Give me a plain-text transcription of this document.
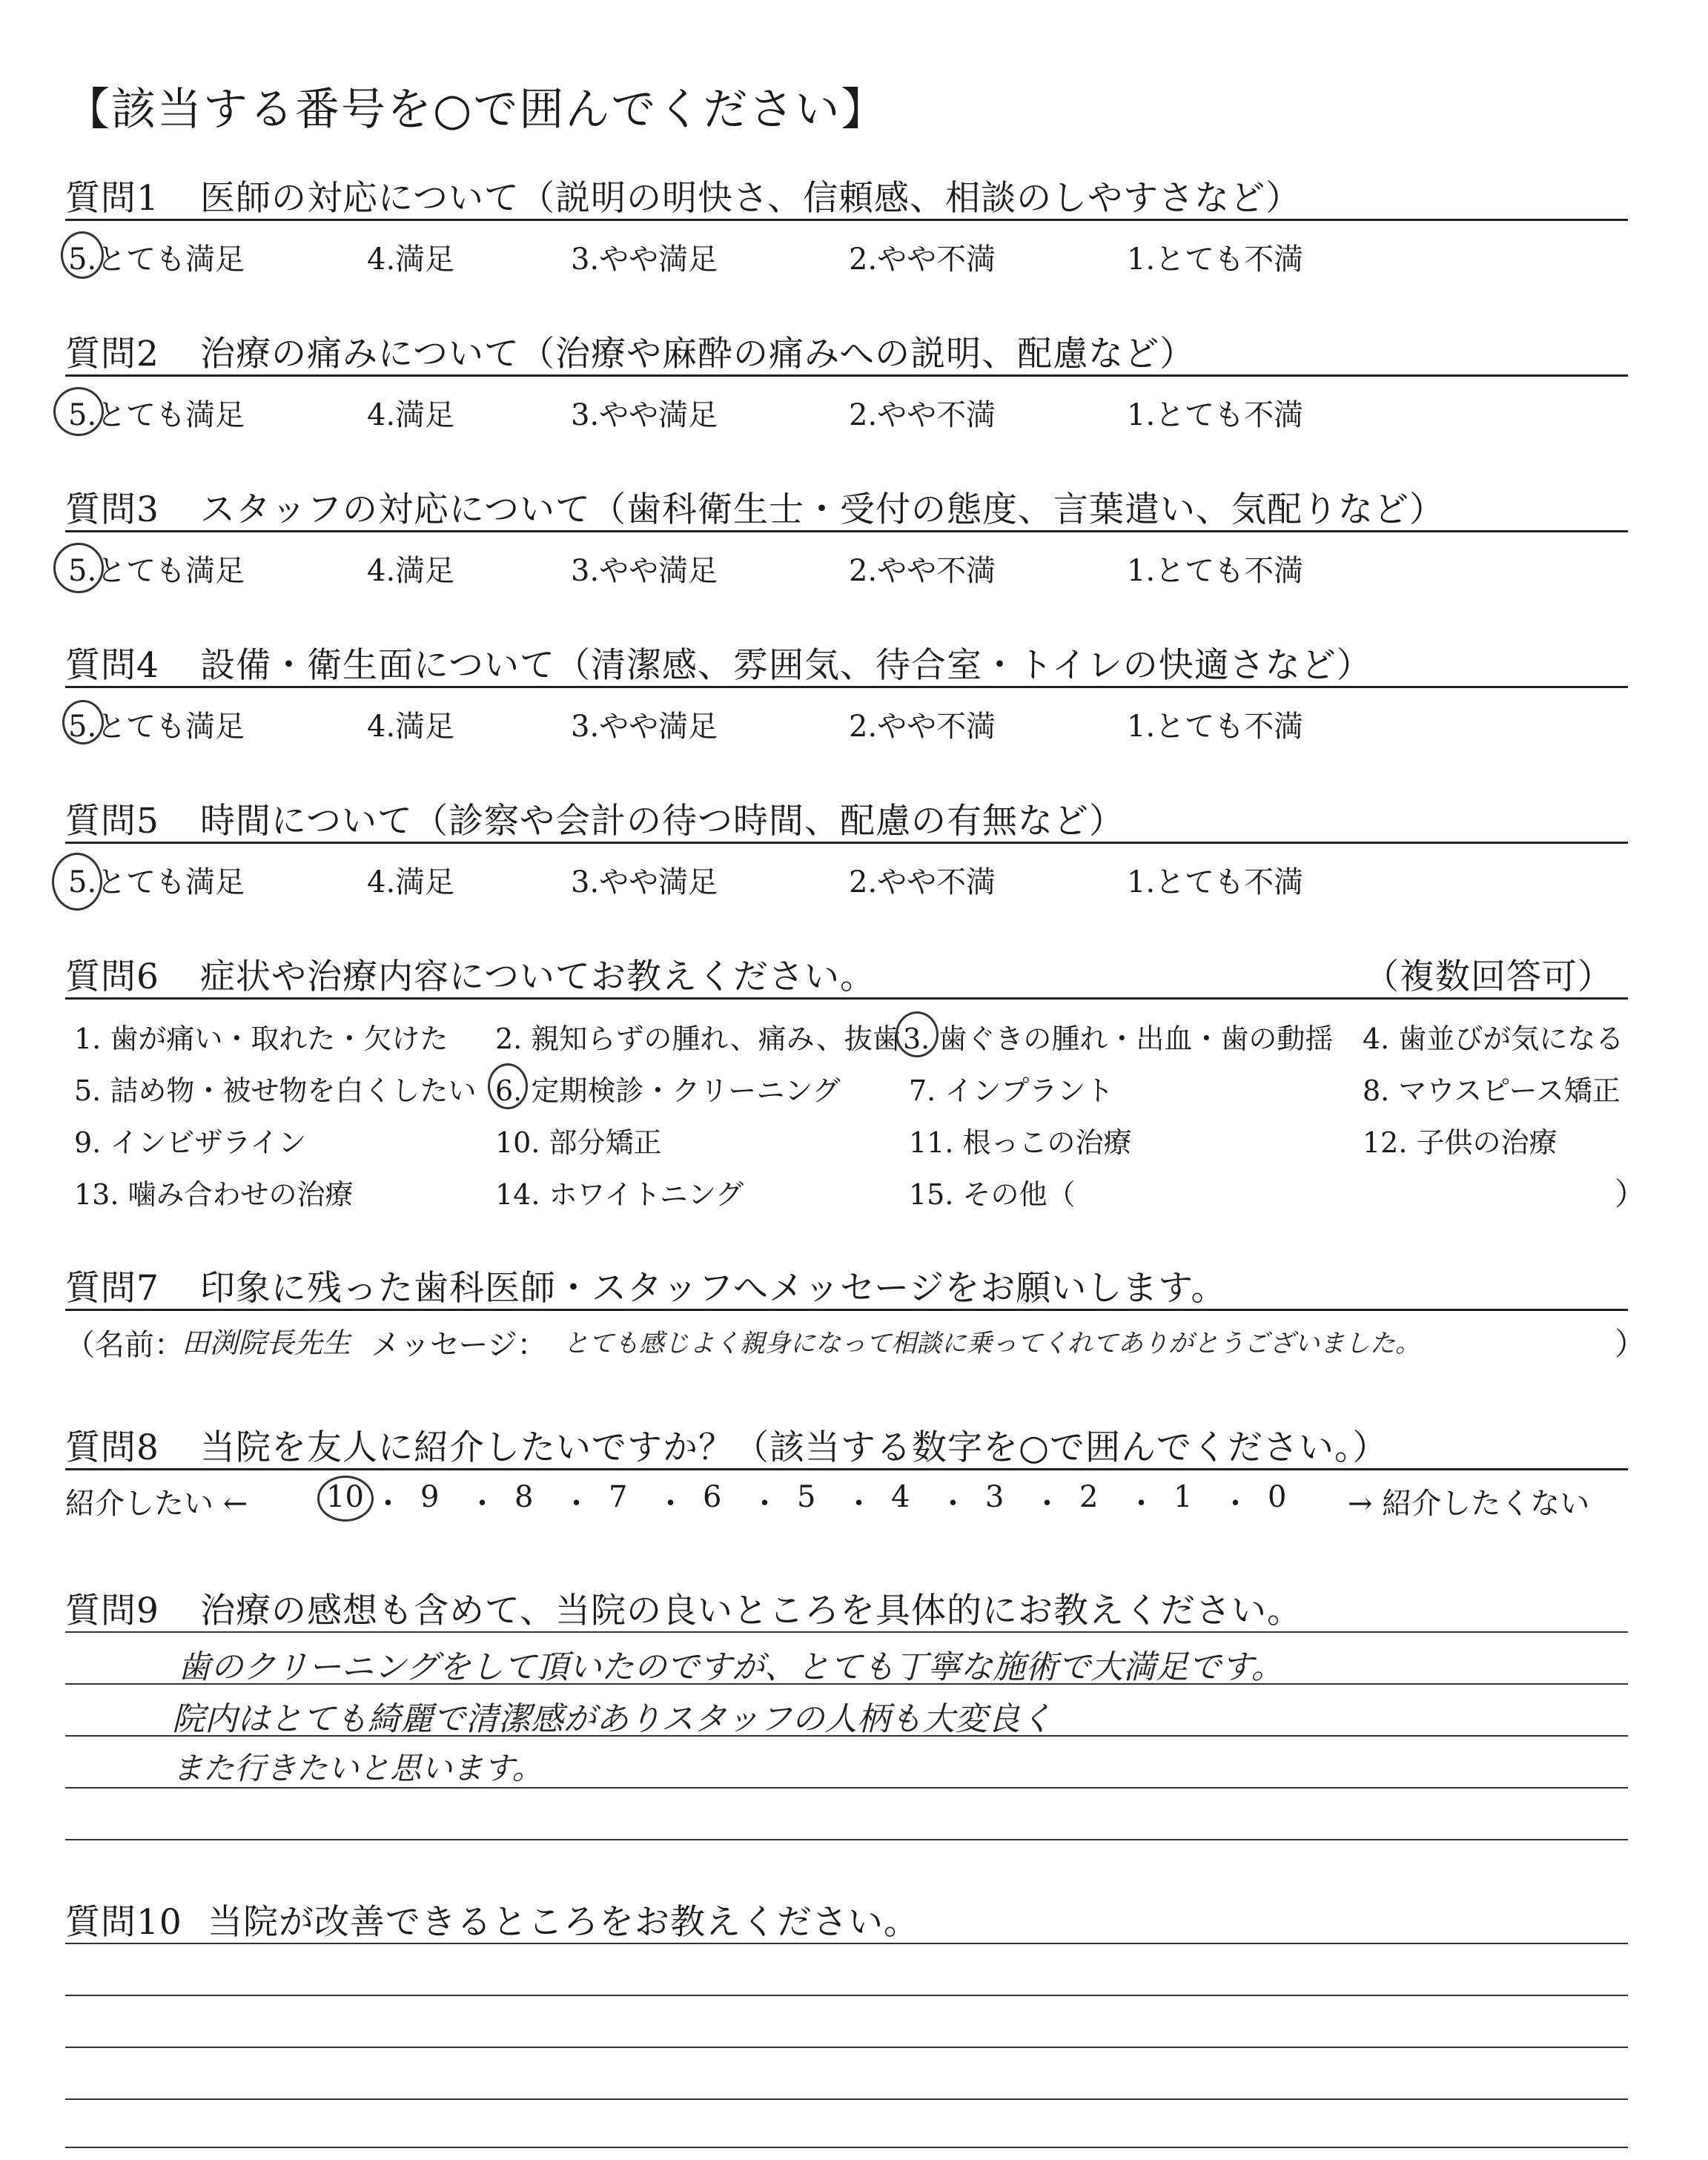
【該当する番号を○で囲んでください】
質問1 医師の対応について（説明の明快さ、信頼感、相談のしやすさなど）
5.とても満足	4.満足	3.やや満足	2.やや不満	1.とても不満
質問2 治療の痛みについて（治療や麻酔の痛みへの説明、配慮など）
5.とても満足	4.満足	3.やや満足	2.やや不満	1.とても不満
質問3 スタッフの対応について（歯科衛生士・受付の態度、言葉遣い、気配りなど）
5.とても満足	4.満足	3.やや満足	2.やや不満	1.とても不満
質問4 設備・衛生面について（清潔感、雰囲気、待合室・トイレの快適さなど）
5.とても満足	4.満足	3.やや満足	2.やや不満	1.とても不満
質問5 時間について（診察や会計の待つ時間、配慮の有無など）
5.とても満足	4.満足	3.やや満足	2.やや不満	1.とても不満
質問6 症状や治療内容についてお教えください。	（複数回答可）
1. 歯が痛い・取れた・欠けた 2. 親知らずの腫れ、痛み、抜歯 3. 歯ぐきの腫れ・出血・歯の動揺 4. 歯並びが気になる
5. 詰め物・被せ物を白くしたい 6. 定期検診・クリーニング 7. インプラント	8. マウスピース矯正
9. インビザライン	10. 部分矯正	11. 根っこの治療	12. 子供の治療
13. 噛み合わせの治療	14. ホワイトニング	15. その他（	）
質問7 印象に残った歯科医師・スタッフへメッセージをお願いします。
（名前：
田渕院長先生 メッセージ： とても感じよく親身になって相談に乗ってくれてありがとうございました。	）
質問8 当院を友人に紹介したいですか？（該当する数字を○で囲んでください。）
紹介したい ←	10 ・ 9 ・ 8 ・ 7 ・ 6 ・ 5 ・ 4 ・ 3 ・ 2 ・ 1 ・ 0 → 紹介したくない
質問9 治療の感想も含めて、当院の良いところを具体的にお教えください。
歯のクリーニングをして頂いたのですが、とても丁寧な施術で大満足です。
院内はとても綺麗で清潔感がありスタッフの人柄も大変良く
また行きたいと思います。
質問10 当院が改善できるところをお教えください。
